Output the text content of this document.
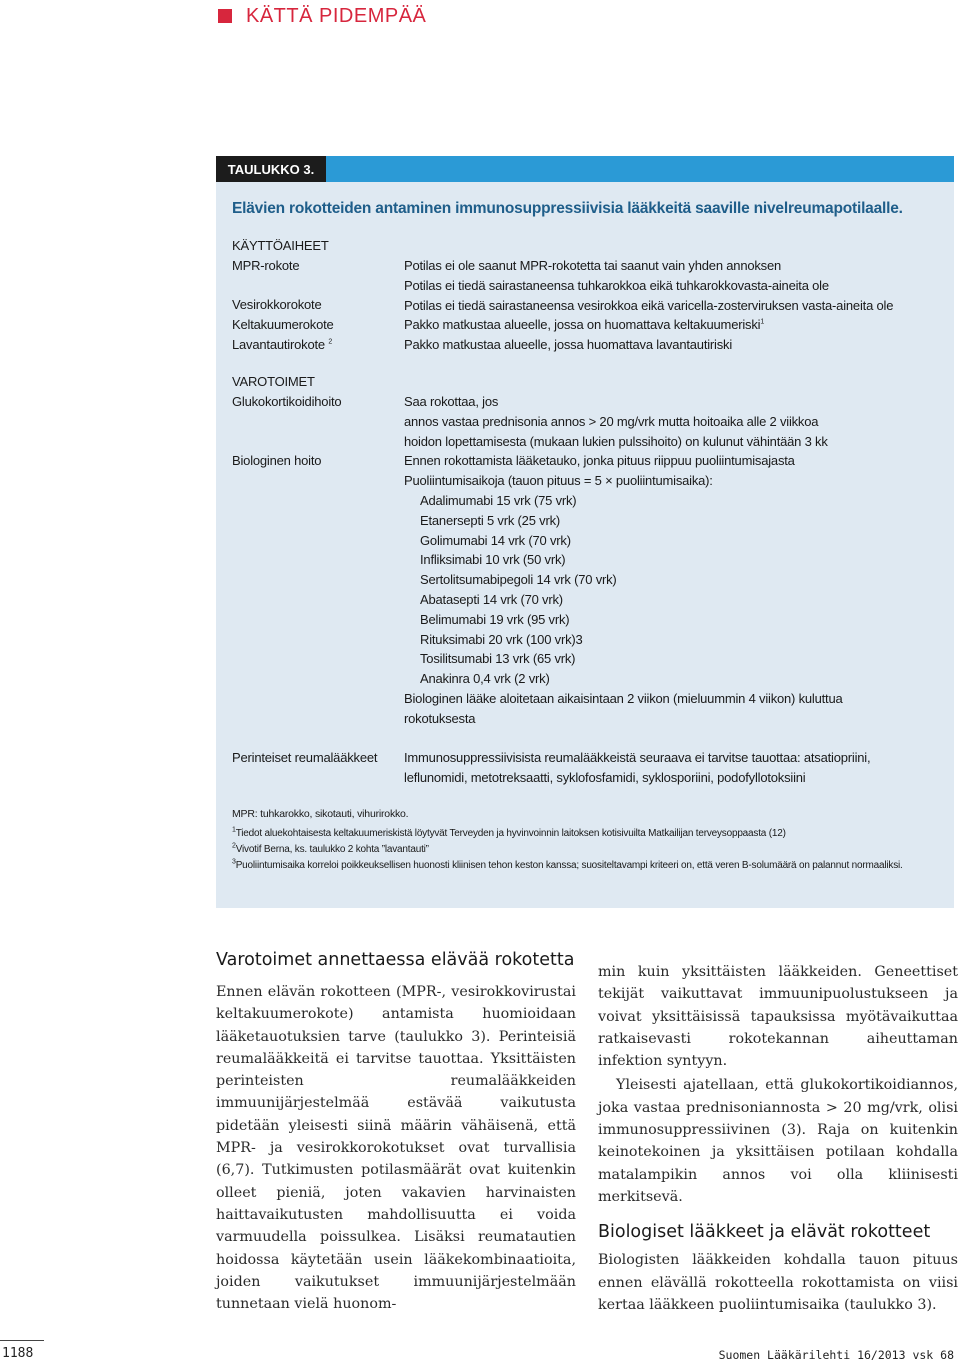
KÄTTÄ PIDEMPÄÄ
TAULUKKO 3.
Elävien rokotteiden antaminen immunosuppressiivisia lääkkeitä saaville nivelreumapotilaalle.
KÄYTTÖAIHEET
MPR-rokote

Vesirokkorokote
Keltakuumerokote
Lavantautirokote $^2$
Potilas ei ole saanut MPR-rokotetta tai saanut vain yhden annoksen
Potilas ei tiedä sairastaneensa tuhkarokkoa eikä tuhkarokkovasta-aineita ole
Potilas ei tiedä sairastaneensa vesirokkoa eikä varicella-zosterviruksen vasta-aineita ole
Pakko matkustaa alueelle, jossa on huomattava keltakuumeriski$^1$
Pakko matkustaa alueelle, jossa huomattava lavantautiriski
VAROTOIMET
Glukokortikoidihoito

Biologinen hoito
Saa rokottaa, jos
annos vastaa prednisonia annos > 20 mg/vrk mutta hoitoaika alle 2 viikkoa
hoidon lopettamisesta (mukaan lukien pulssihoito) on kulunut vähintään 3 kk
Ennen rokottamista lääketauko, jonka pituus riippuu puoliintumisajasta
Puoliintumisaikoja (tauon pituus = 5 × puoliintumisaika):
Adalimumabi 15 vrk (75 vrk)
Etanersepti 5 vrk (25 vrk)
Golimumabi 14 vrk (70 vrk)
Infliksimabi 10 vrk (50 vrk)
Sertolitsumabipegoli 14 vrk (70 vrk)
Abatasepti 14 vrk (70 vrk)
Belimumabi 19 vrk (95 vrk)
Rituksimabi 20 vrk (100 vrk)3
Tosilitsumabi 13 vrk (65 vrk)
Anakinra 0,4 vrk (2 vrk)
Biologinen lääke aloitetaan aikaisintaan 2 viikon (mieluummin 4 viikon) kuluttua
rokotuksesta
Perinteiset reumalääkkeet	Immunosuppressiivisista reumalääkkeistä seuraava ei tarvitse tauottaa: atsatiopriini,
leflunomidi, metotreksaatti, syklofosfamidi, syklosporiini, podofyllotoksiini
MPR: tuhkarokko, sikotauti, vihurirokko.
$^1$Tiedot aluekohtaisesta keltakuumeriskistä löytyvät Terveyden ja hyvinvoinnin laitoksen kotisivuilta Matkailijan terveysoppaasta (12)
$^2$Vivotif Berna, ks. taulukko 2 kohta ”lavantauti”
$^3$Puoliintumisaika korreloi poikkeuksellisen huonosti kliinisen tehon keston kanssa; suositeltavampi kriteeri on, että veren B-solumäärä on palannut normaaliksi.
Varotoimet annettaessa elävää rokotetta

Ennen elävän rokotteen (MPR-, vesirokkovirustai keltakuumerokote) antamista huomioidaan lääketauotuksien tarve (taulukko 3). Perinteisiä reumalääkkeitä ei tarvitse tauottaa. Yksittäisten perinteisten reumalääkkeiden immuunijärjestelmää estävää vaikutusta pidetään yleisesti siinä määrin vähäisenä, että MPR- ja vesirokkorokotukset ovat turvallisia (6,7). Tutkimusten potilasmäärät ovat kuitenkin olleet pieniä, joten vakavien harvinaisten haittavaikutusten mahdollisuutta ei voida varmuudella poissulkea. Lisäksi reumatautien hoidossa käytetään usein lääkekombinaatioita, joiden vaikutukset immuunijärjestelmään tunnetaan vielä huonom-

min kuin yksittäisten lääkkeiden. Geneettiset tekijät vaikuttavat immuunipuolustukseen ja voivat yksittäisissä tapauksissa myötävaikuttaa ratkaisevasti rokotekannan aiheuttaman infektion syntyyn.

Yleisesti ajatellaan, että glukokortikoidiannos, joka vastaa prednisoniannosta > 20 mg/vrk, olisi immunosuppressiivinen (3). Raja on kuitenkin keinotekoinen ja yksittäisen potilaan kohdalla matalampikin annos voi olla kliinisesti merkitsevä.

Biologiset lääkkeet ja elävät rokotteet

Biologisten lääkkeiden kohdalla tauon pituus ennen elävällä rokotteella rokottamista on viisi kertaa lääkkeen puoliintumisaika (taulukko 3).

1188	Suomen Lääkärilehti 16/2013 vsk 68
